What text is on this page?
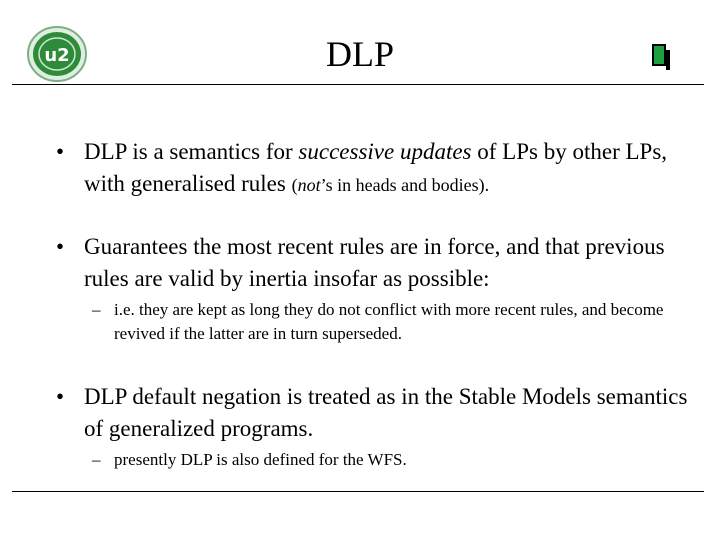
u2	DLP
• DLP is a semantics for successive updates of LPs by other LPs, with generalised rules (not’s in heads and bodies).
• Guarantees the most recent rules are in force, and that previous rules are valid by inertia insofar as possible:
– i.e. they are kept as long they do not conflict with more recent rules, and become revived if the latter are in turn superseded.
• DLP default negation is treated as in the Stable Models semantics of generalized programs.
– presently DLP is also defined for the WFS.
